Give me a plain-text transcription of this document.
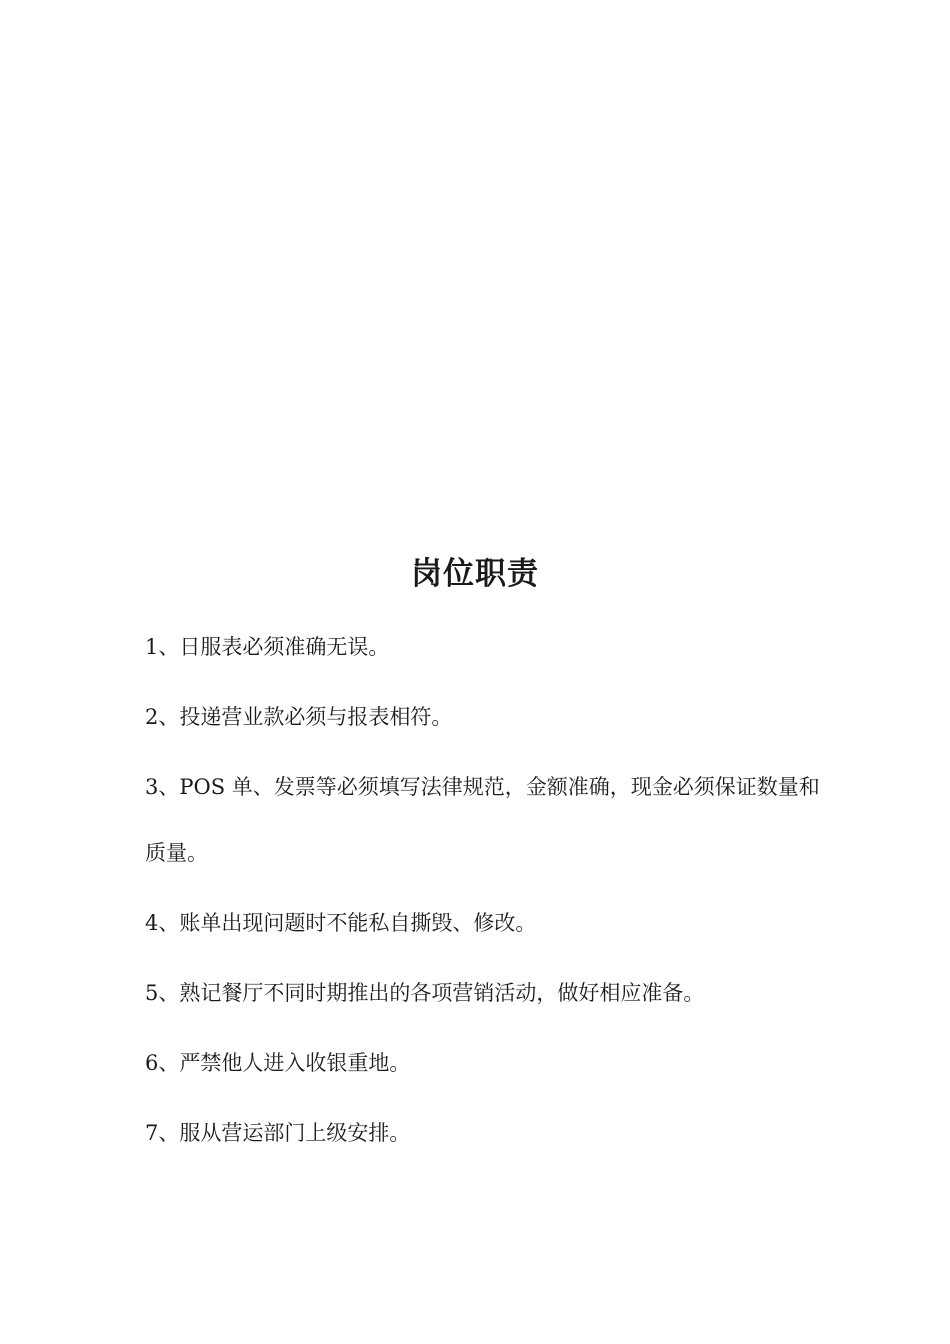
岗位职责
1、日服表必须准确无误。
2、投递营业款必须与报表相符。
3、POS 单、发票等必须填写法律规范，金额准确，现金必须保证数量和质量。
4、账单出现问题时不能私自撕毁、修改。
5、熟记餐厅不同时期推出的各项营销活动，做好相应准备。
6、严禁他人进入收银重地。
7、服从营运部门上级安排。
